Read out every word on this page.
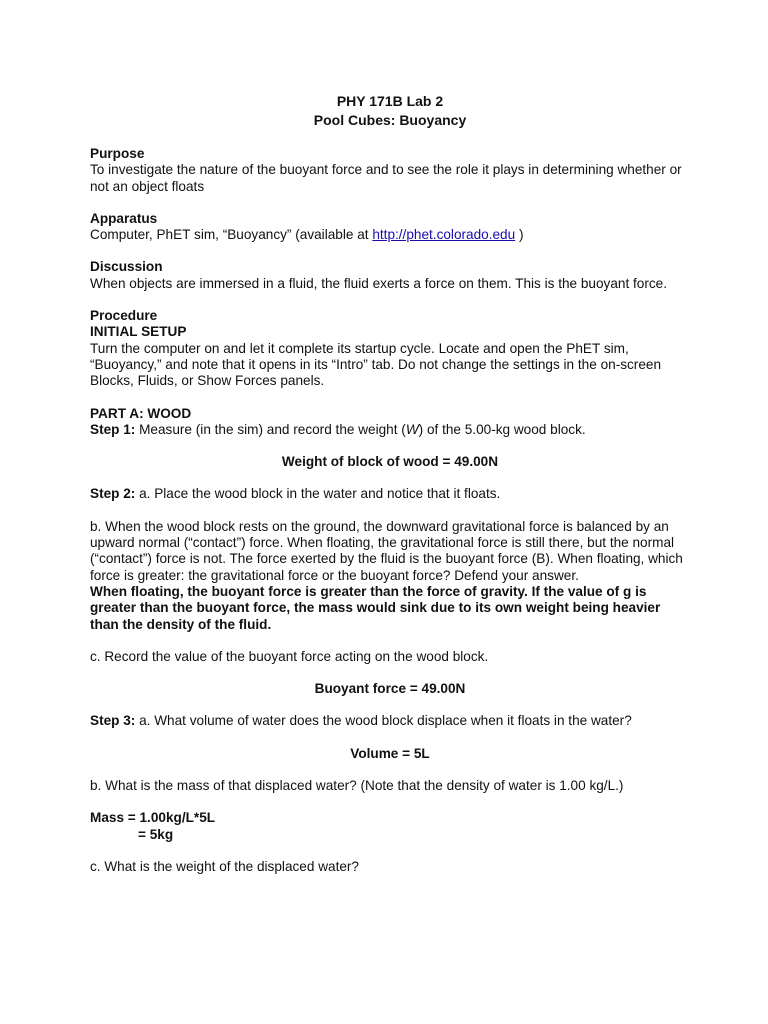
PHY 171B Lab 2
Pool Cubes: Buoyancy

Purpose

To investigate the nature of the buoyant force and to see the role it plays in determining whether or not an object floats

Apparatus

Computer, PhET sim, “Buoyancy” (available at http://phet.colorado.edu )

Discussion

When objects are immersed in a fluid, the fluid exerts a force on them. This is the buoyant force.

Procedure

INITIAL SETUP

Turn the computer on and let it complete its startup cycle. Locate and open the PhET sim, “Buoyancy,” and note that it opens in its “Intro” tab. Do not change the settings in the on-screen Blocks, Fluids, or Show Forces panels.

PART A: WOOD

Step 1: Measure (in the sim) and record the weight (W) of the 5.00-kg wood block.

Weight of block of wood = 49.00N

Step 2: a. Place the wood block in the water and notice that it floats.

b. When the wood block rests on the ground, the downward gravitational force is balanced by an upward normal (“contact”) force. When floating, the gravitational force is still there, but the normal (“contact”) force is not. The force exerted by the fluid is the buoyant force (B). When floating, which force is greater: the gravitational force or the buoyant force? Defend your answer.

When floating, the buoyant force is greater than the force of gravity. If the value of g is greater than the buoyant force, the mass would sink due to its own weight being heavier than the density of the fluid.

c. Record the value of the buoyant force acting on the wood block.

Buoyant force = 49.00N

Step 3: a. What volume of water does the wood block displace when it floats in the water?

Volume = 5L

b. What is the mass of that displaced water? (Note that the density of water is 1.00 kg/L.)

Mass = 1.00kg/L*5L

= 5kg

c. What is the weight of the displaced water?
